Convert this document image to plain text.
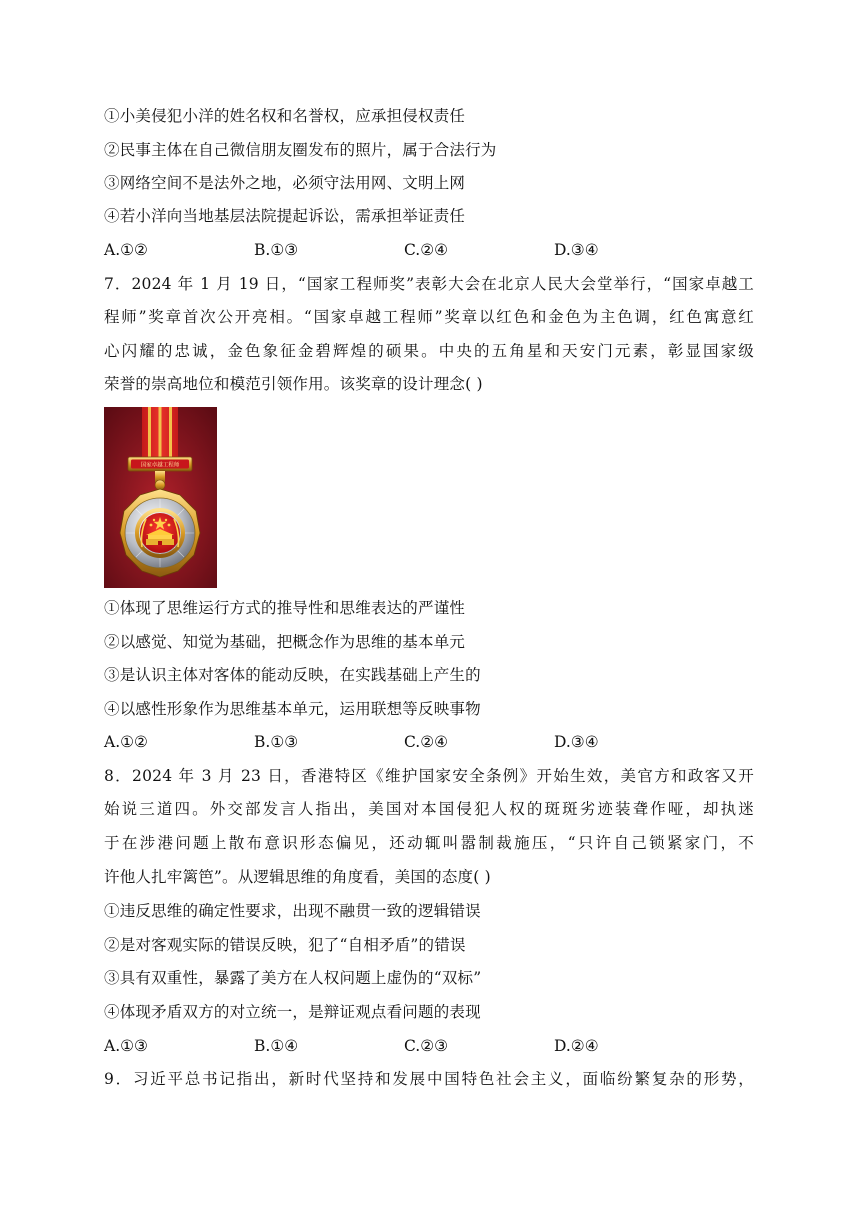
①小美侵犯小洋的姓名权和名誉权，应承担侵权责任
②民事主体在自己微信朋友圈发布的照片，属于合法行为
③网络空间不是法外之地，必须守法用网、文明上网
④若小洋向当地基层法院提起诉讼，需承担举证责任
A.①②	B.①③	C.②④	D.③④
7．2024 年 1 月 19 日，“国家工程师奖”表彰大会在北京人民大会堂举行，“国家卓越工
程师”奖章首次公开亮相。“国家卓越工程师”奖章以红色和金色为主色调，红色寓意红
心闪耀的忠诚，金色象征金碧辉煌的硕果。中央的五角星和天安门元素，彰显国家级
荣誉的崇高地位和模范引领作用。该奖章的设计理念( )
国家卓越工程师
①体现了思维运行方式的推导性和思维表达的严谨性
②以感觉、知觉为基础，把概念作为思维的基本单元
③是认识主体对客体的能动反映，在实践基础上产生的
④以感性形象作为思维基本单元，运用联想等反映事物
A.①②	B.①③	C.②④	D.③④
8．2024 年 3 月 23 日，香港特区《维护国家安全条例》开始生效，美官方和政客又开
始说三道四。外交部发言人指出，美国对本国侵犯人权的斑斑劣迹装聋作哑，却执迷
于在涉港问题上散布意识形态偏见，还动辄叫嚣制裁施压，“只许自己锁紧家门，不
许他人扎牢篱笆”。从逻辑思维的角度看，美国的态度( )
①违反思维的确定性要求，出现不融贯一致的逻辑错误
②是对客观实际的错误反映，犯了“自相矛盾”的错误
③具有双重性，暴露了美方在人权问题上虚伪的“双标”
④体现矛盾双方的对立统一，是辩证观点看问题的表现
A.①③	B.①④	C.②③	D.②④
9．习近平总书记指出，新时代坚持和发展中国特色社会主义，面临纷繁复杂的形势，
